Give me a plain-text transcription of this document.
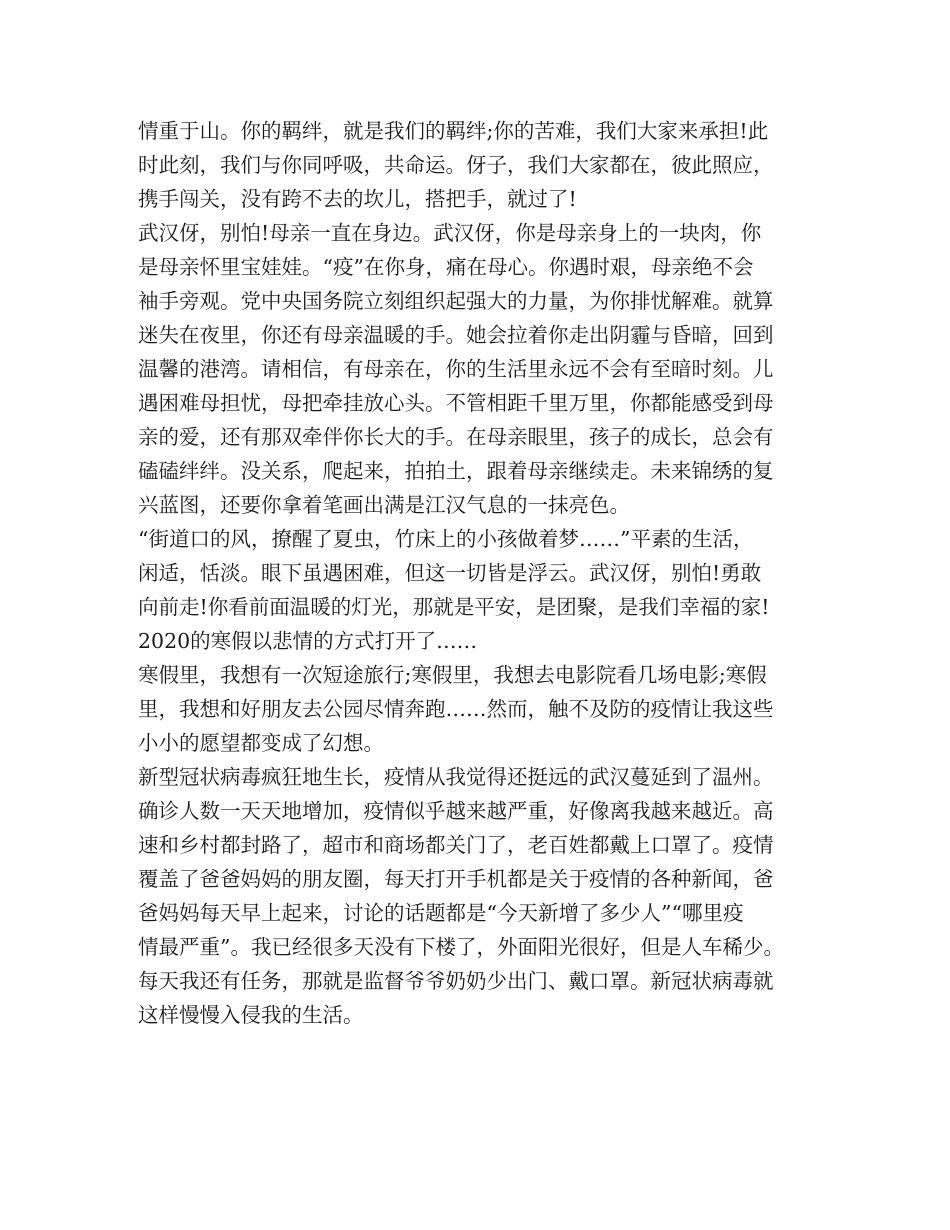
情重于山。你的羁绊，就是我们的羁绊;你的苦难，我们大家来承担!此
时此刻，我们与你同呼吸，共命运。伢子，我们大家都在，彼此照应，
携手闯关，没有跨不去的坎儿，搭把手，就过了!
武汉伢，别怕!母亲一直在身边。武汉伢，你是母亲身上的一块肉，你
是母亲怀里宝娃娃。“疫”在你身，痛在母心。你遇时艰，母亲绝不会
袖手旁观。党中央国务院立刻组织起强大的力量，为你排忧解难。就算
迷失在夜里，你还有母亲温暖的手。她会拉着你走出阴霾与昏暗，回到
温馨的港湾。请相信，有母亲在，你的生活里永远不会有至暗时刻。儿
遇困难母担忧，母把牵挂放心头。不管相距千里万里，你都能感受到母
亲的爱，还有那双牵伴你长大的手。在母亲眼里，孩子的成长，总会有
磕磕绊绊。没关系，爬起来，拍拍土，跟着母亲继续走。未来锦绣的复
兴蓝图，还要你拿着笔画出满是江汉气息的一抹亮色。
“街道口的风，撩醒了夏虫，竹床上的小孩做着梦……”平素的生活，
闲适，恬淡。眼下虽遇困难，但这一切皆是浮云。武汉伢，别怕!勇敢
向前走!你看前面温暖的灯光，那就是平安，是团聚，是我们幸福的家!
2020的寒假以悲情的方式打开了……
寒假里，我想有一次短途旅行;寒假里，我想去电影院看几场电影;寒假
里，我想和好朋友去公园尽情奔跑……然而，触不及防的疫情让我这些
小小的愿望都变成了幻想。
新型冠状病毒疯狂地生长，疫情从我觉得还挺远的武汉蔓延到了温州。
确诊人数一天天地增加，疫情似乎越来越严重，好像离我越来越近。高
速和乡村都封路了，超市和商场都关门了，老百姓都戴上口罩了。疫情
覆盖了爸爸妈妈的朋友圈，每天打开手机都是关于疫情的各种新闻，爸
爸妈妈每天早上起来，讨论的话题都是“今天新增了多少人”“哪里疫
情最严重”。我已经很多天没有下楼了，外面阳光很好，但是人车稀少。
每天我还有任务，那就是监督爷爷奶奶少出门、戴口罩。新冠状病毒就
这样慢慢入侵我的生活。
